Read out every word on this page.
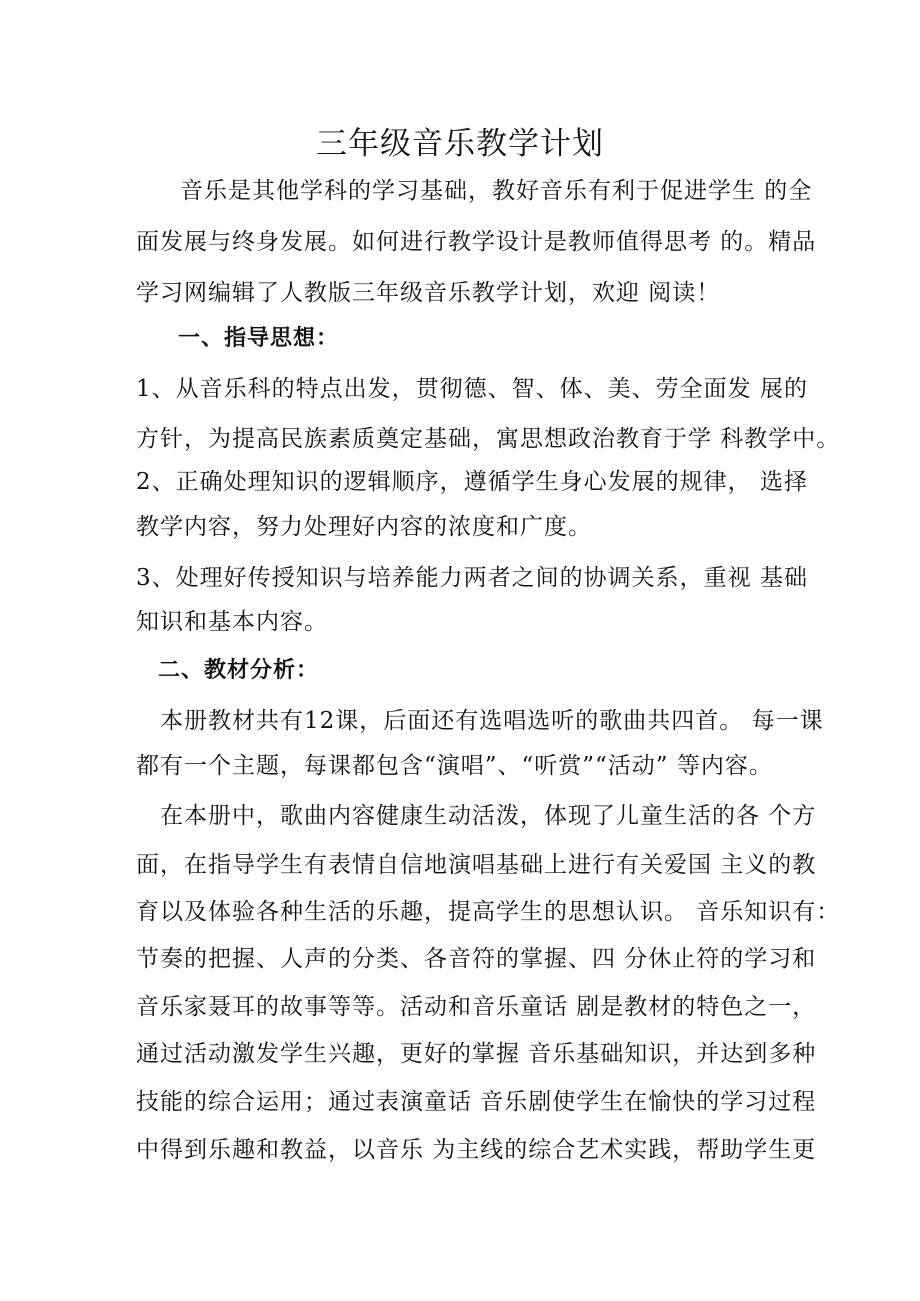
三年级音乐教学计划
音乐是其他学科的学习基础，教好音乐有利于促进学生 的全
面发展与终身发展。如何进行教学设计是教师值得思考 的。精品
学习网编辑了人教版三年级音乐教学计划，欢迎 阅读！
一、指导思想：
1、从音乐科的特点出发，贯彻德、智、体、美、劳全面发 展的
方针，为提高民族素质奠定基础，寓思想政治教育于学 科教学中。
2、正确处理知识的逻辑顺序，遵循学生身心发展的规律， 选择
教学内容，努力处理好内容的浓度和广度。
3、处理好传授知识与培养能力两者之间的协调关系，重视 基础
知识和基本内容。
二、教材分析：
本册教材共有12课，后面还有选唱选听的歌曲共四首。 每一课
都有一个主题，每课都包含“演唱”、“听赏”“活动” 等内容。
在本册中，歌曲内容健康生动活泼，体现了儿童生活的各 个方
面，在指导学生有表情自信地演唱基础上进行有关爱国 主义的教
育以及体验各种生活的乐趣，提高学生的思想认识。 音乐知识有：
节奏的把握、人声的分类、各音符的掌握、四 分休止符的学习和
音乐家聂耳的故事等等。活动和音乐童话 剧是教材的特色之一，
通过活动激发学生兴趣，更好的掌握 音乐基础知识，并达到多种
技能的综合运用；通过表演童话 音乐剧使学生在愉快的学习过程
中得到乐趣和教益，以音乐 为主线的综合艺术实践，帮助学生更
